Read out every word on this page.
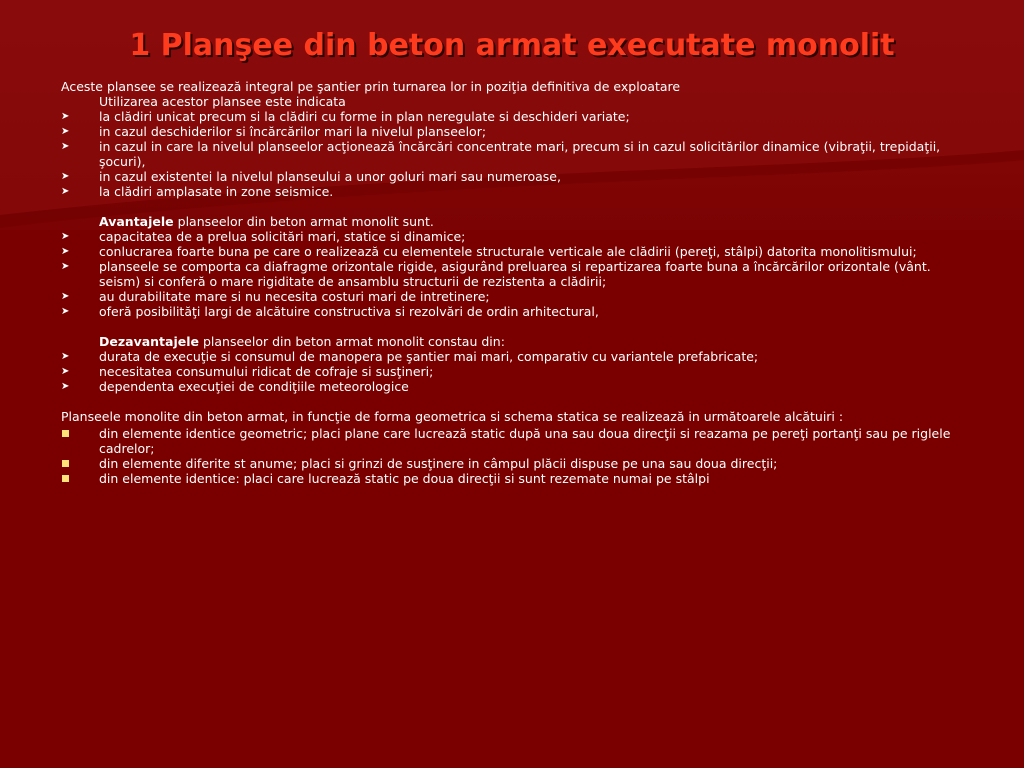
1 Planşee din beton armat executate monolit
Aceste plansee se realizează integral pe şantier prin turnarea lor in poziţia definitiva de exploatare
Utilizarea acestor plansee este indicata
➤	la clădiri unicat precum si la clădiri cu forme in plan neregulate si deschideri variate;
➤	in cazul deschiderilor si încărcărilor mari la nivelul planseelor;
➤	in cazul in care la nivelul planseelor acţionează încărcări concentrate mari, precum si in cazul solicitărilor dinamice (vibraţii, trepidaţii, şocuri),
➤	in cazul existentei la nivelul planseului a unor goluri mari sau numeroase,
➤	la clădiri amplasate in zone seismice.
Avantajele planseelor din beton armat monolit sunt.
➤	capacitatea de a prelua solicitări mari, statice si dinamice;
➤	conlucrarea foarte buna pe care o realizează cu elementele structurale verticale ale clădirii (pereţi, stâlpi) datorita monolitismului;
➤	planseele se comporta ca diafragme orizontale rigide, asigurând preluarea si repartizarea foarte buna a încărcărilor orizontale (vânt. seism) si conferă o mare rigiditate de ansamblu structurii de rezistenta a clădirii;
➤	au durabilitate mare si nu necesita costuri mari de intretinere;
➤	oferă posibilităţi largi de alcătuire constructiva si rezolvări de ordin arhitectural,
Dezavantajele planseelor din beton armat monolit constau din:
➤	durata de execuţie si consumul de manopera pe şantier mai mari, comparativ cu variantele prefabricate;
➤	necesitatea consumului ridicat de cofraje si susţineri;
➤	dependenta execuţiei de condiţiile meteorologice
Planseele monolite din beton armat, in funcţie de forma geometrica si schema statica se realizează in următoarele alcătuiri :
din elemente identice geometric; placi plane care lucrează static după una sau doua direcţii si reazama pe pereţi portanţi sau pe riglele cadrelor;
din elemente diferite st anume; placi si grinzi de susţinere in câmpul plăcii dispuse pe una sau doua direcţii;
din elemente identice: placi care lucrează static pe doua direcţii si sunt rezemate numai pe stâlpi
